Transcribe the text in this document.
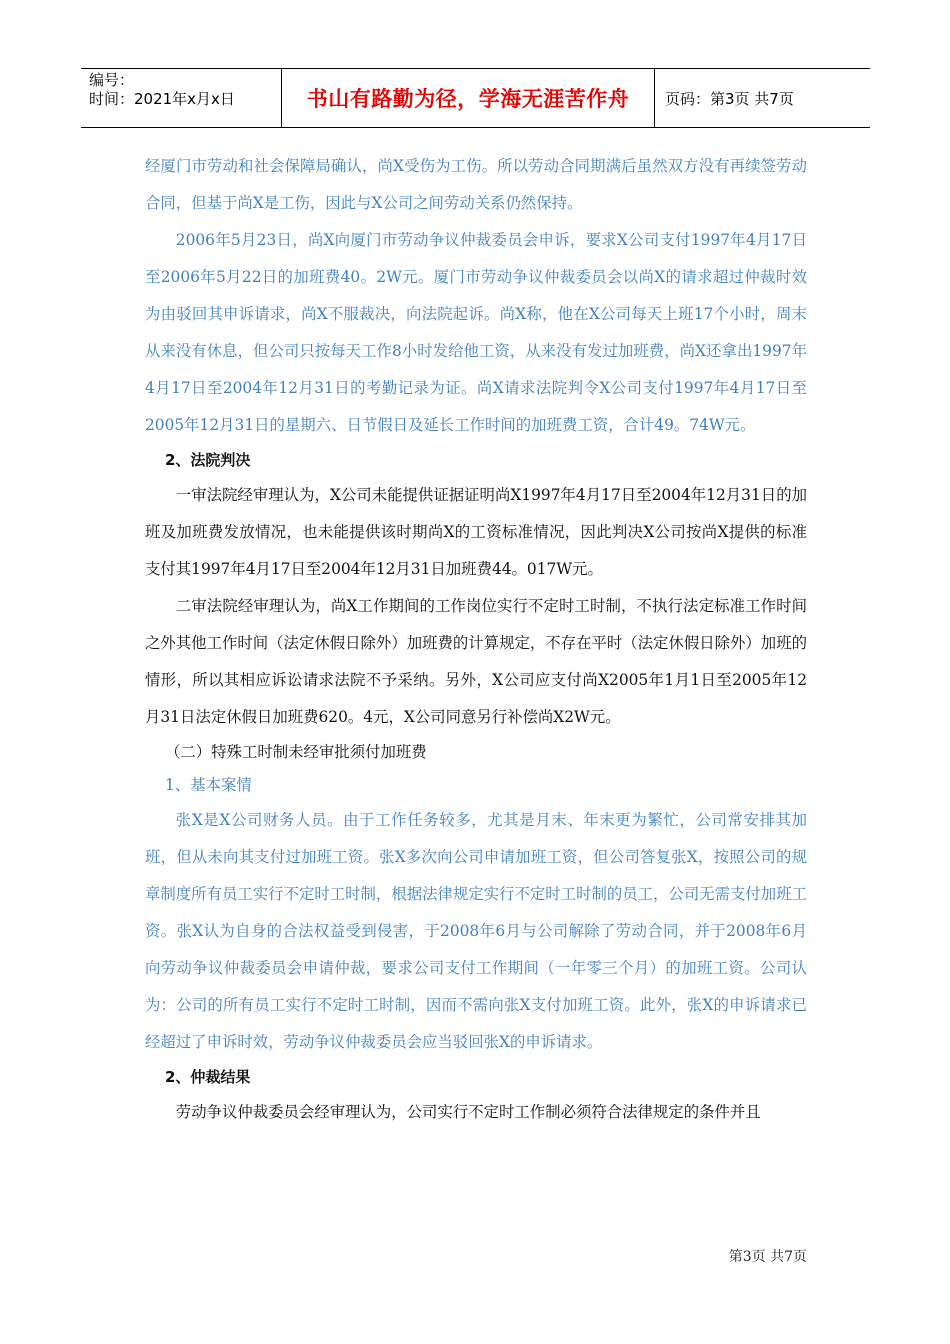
编号：
时间：2021年x月x日	书山有路勤为径，学海无涯苦作舟	页码：第3页 共7页

经厦门市劳动和社会保障局确认，尚X受伤为工伤。所以劳动合同期满后虽然双方没有再续签劳动合同，但基于尚X是工伤，因此与X公司之间劳动关系仍然保持。

2006年5月23日，尚X向厦门市劳动争议仲裁委员会申诉，要求X公司支付1997年4月17日至2006年5月22日的加班费40。2W元。厦门市劳动争议仲裁委员会以尚X的请求超过仲裁时效为由驳回其申诉请求，尚X不服裁决，向法院起诉。尚X称，他在X公司每天上班17个小时，周末从来没有休息，但公司只按每天工作8小时发给他工资，从来没有发过加班费，尚X还拿出1997年4月17日至2004年12月31日的考勤记录为证。尚X请求法院判令X公司支付1997年4月17日至2005年12月31日的星期六、日节假日及延长工作时间的加班费工资，合计49。74W元。

2、法院判决

一审法院经审理认为，X公司未能提供证据证明尚X1997年4月17日至2004年12月31日的加班及加班费发放情况，也未能提供该时期尚X的工资标准情况，因此判决X公司按尚X提供的标准支付其1997年4月17日至2004年12月31日加班费44。017W元。

二审法院经审理认为，尚X工作期间的工作岗位实行不定时工时制，不执行法定标准工作时间之外其他工作时间（法定休假日除外）加班费的计算规定，不存在平时（法定休假日除外）加班的情形，所以其相应诉讼请求法院不予采纳。另外，X公司应支付尚X2005年1月1日至2005年12月31日法定休假日加班费620。4元，X公司同意另行补偿尚X2W元。

（二）特殊工时制未经审批须付加班费

1、基本案情

张X是X公司财务人员。由于工作任务较多，尤其是月末、年末更为繁忙，公司常安排其加班，但从未向其支付过加班工资。张X多次向公司申请加班工资，但公司答复张X，按照公司的规章制度所有员工实行不定时工时制，根据法律规定实行不定时工时制的员工，公司无需支付加班工资。张X认为自身的合法权益受到侵害，于2008年6月与公司解除了劳动合同，并于2008年6月向劳动争议仲裁委员会申请仲裁，要求公司支付工作期间（一年零三个月）的加班工资。公司认为：公司的所有员工实行不定时工时制，因而不需向张X支付加班工资。此外，张X的申诉请求已经超过了申诉时效，劳动争议仲裁委员会应当驳回张X的申诉请求。

2、仲裁结果

劳动争议仲裁委员会经审理认为，公司实行不定时工作制必须符合法律规定的条件并且

第3页 共7页
